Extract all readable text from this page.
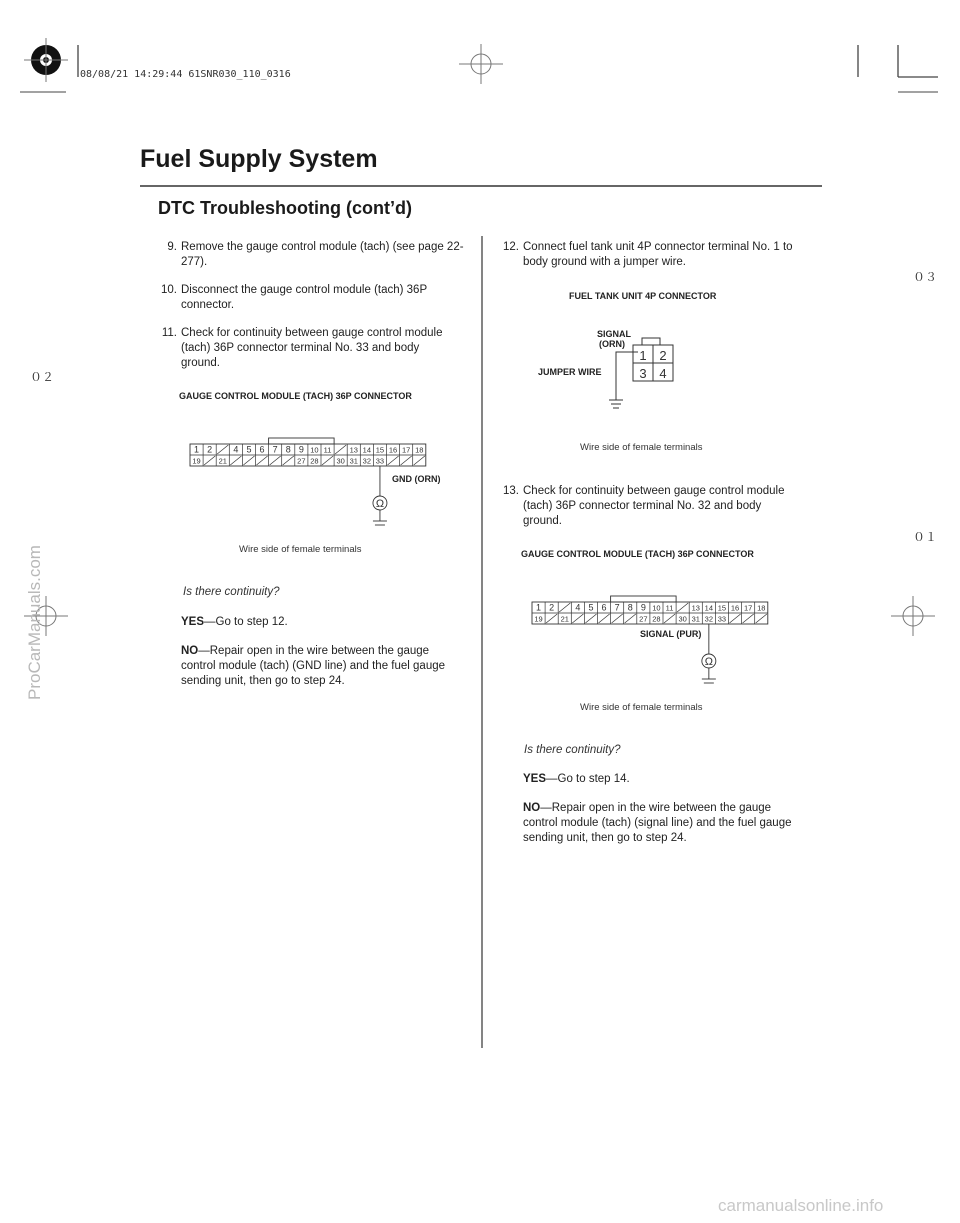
08/08/21 14:29:44 61SNR030_110_0316
Fuel Supply System
DTC Troubleshooting (cont’d)
０３
０２
０１
9. Remove the gauge control module (tach) (see page 22-277).
10. Disconnect the gauge control module (tach) 36P connector.
11. Check for continuity between gauge control module (tach) 36P connector terminal No. 33 and body ground.
GAUGE CONTROL MODULE (TACH) 36P CONNECTOR
1 2 4 5 6 7 8 9 10 11 13 14 15 16 17 18
19 21	27 28 30 31 32 33
Ω
GND (ORN)
Wire side of female terminals
Is there continuity?
YES—Go to step 12.
NO—Repair open in the wire between the gauge control module (tach) (GND line) and the fuel gauge sending unit, then go to step 24.
12. Connect fuel tank unit 4P connector terminal No. 1 to body ground with a jumper wire.
FUEL TANK UNIT 4P CONNECTOR
SIGNAL
(ORN)
JUMPER WIRE
1 2
3 4
Wire side of female terminals
13. Check for continuity between gauge control module (tach) 36P connector terminal No. 32 and body ground.
GAUGE CONTROL MODULE (TACH) 36P CONNECTOR
1 2 4 5 6 7 8 9 10 11 13 14 15 16 17 18
19 21	27 28 30 31 32 33
Ω
SIGNAL (PUR)
Wire side of female terminals
Is there continuity?
YES—Go to step 14.
NO—Repair open in the wire between the gauge control module (tach) (signal line) and the fuel gauge sending unit, then go to step 24.
ProCarManuals.com
carmanualsonline.info
